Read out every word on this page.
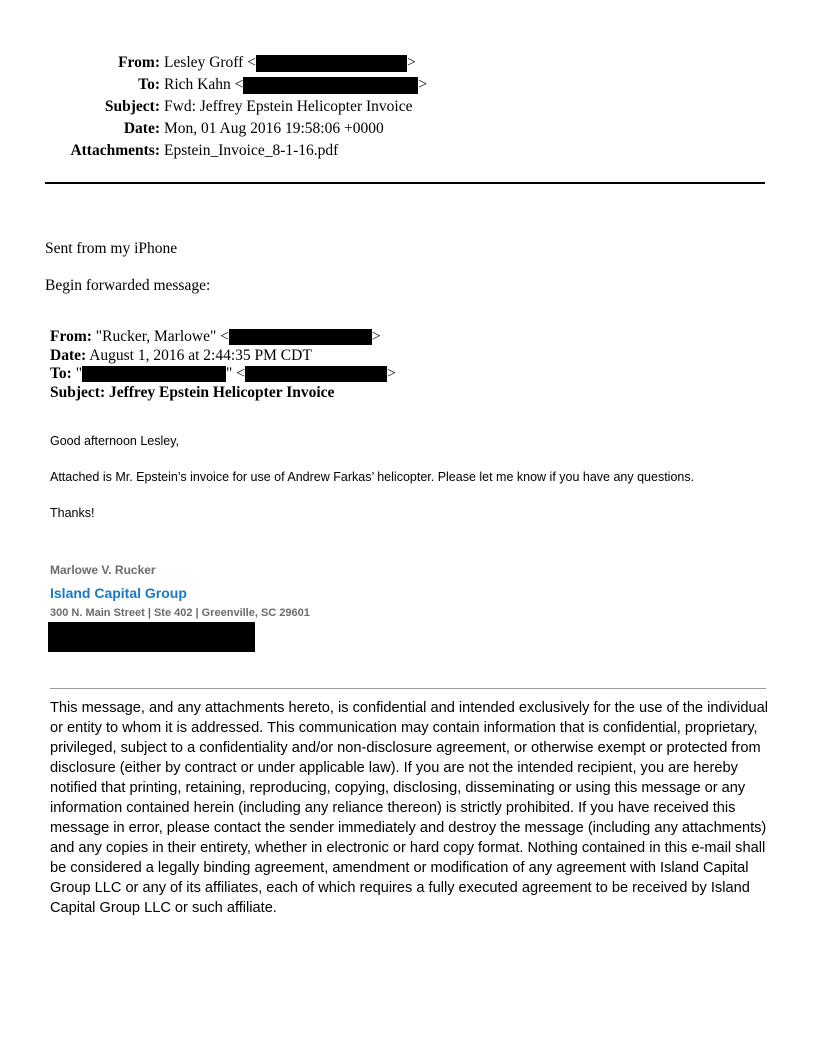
From: Lesley Groff <	>
To: Rich Kahn <	>
Subject: Fwd: Jeffrey Epstein Helicopter Invoice
Date: Mon, 01 Aug 2016 19:58:06 +0000
Attachments: Epstein_Invoice_8-1-16.pdf
Sent from my iPhone
Begin forwarded message:
From: "Rucker, Marlowe" <	>
Date: August 1, 2016 at 2:44:35 PM CDT
To: "	" <	>
Subject: Jeffrey Epstein Helicopter Invoice
Good afternoon Lesley,
Attached is Mr. Epstein’s invoice for use of Andrew Farkas’ helicopter. Please let me know if you have any questions.
Thanks!
Marlowe V. Rucker
Island Capital Group
300 N. Main Street | Ste 402 | Greenville, SC 29601
This message, and any attachments hereto, is confidential and intended exclusively for the use of the individual or entity to whom it is addressed. This communication may contain information that is confidential, proprietary, privileged, subject to a confidentiality and/or non-disclosure agreement, or otherwise exempt or protected from disclosure (either by contract or under applicable law). If you are not the intended recipient, you are hereby notified that printing, retaining, reproducing, copying, disclosing, disseminating or using this message or any information contained herein (including any reliance thereon) is strictly prohibited. If you have received this message in error, please contact the sender immediately and destroy the message (including any attachments) and any copies in their entirety, whether in electronic or hard copy format. Nothing contained in this e-mail shall be considered a legally binding agreement, amendment or modification of any agreement with Island Capital Group LLC or any of its affiliates, each of which requires a fully executed agreement to be received by Island Capital Group LLC or such affiliate.
